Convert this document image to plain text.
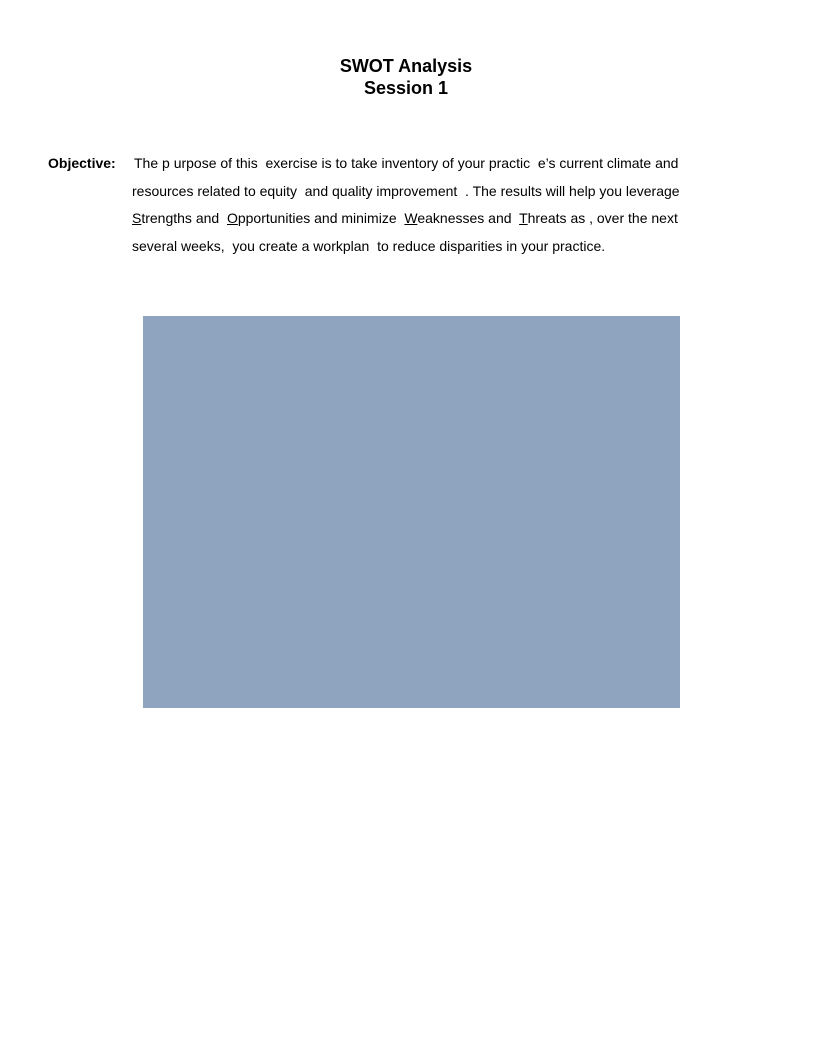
SWOT Analysis
Session 1
Objective: The p urpose of this  exercise is to take inventory of your practic  e’s current climate and
resources related to equity  and quality improvement  . The results will help you leverage
Strengths and  Opportunities and minimize  Weaknesses and  Threats as , over the next
several weeks,  you create a workplan  to reduce disparities in your practice.
